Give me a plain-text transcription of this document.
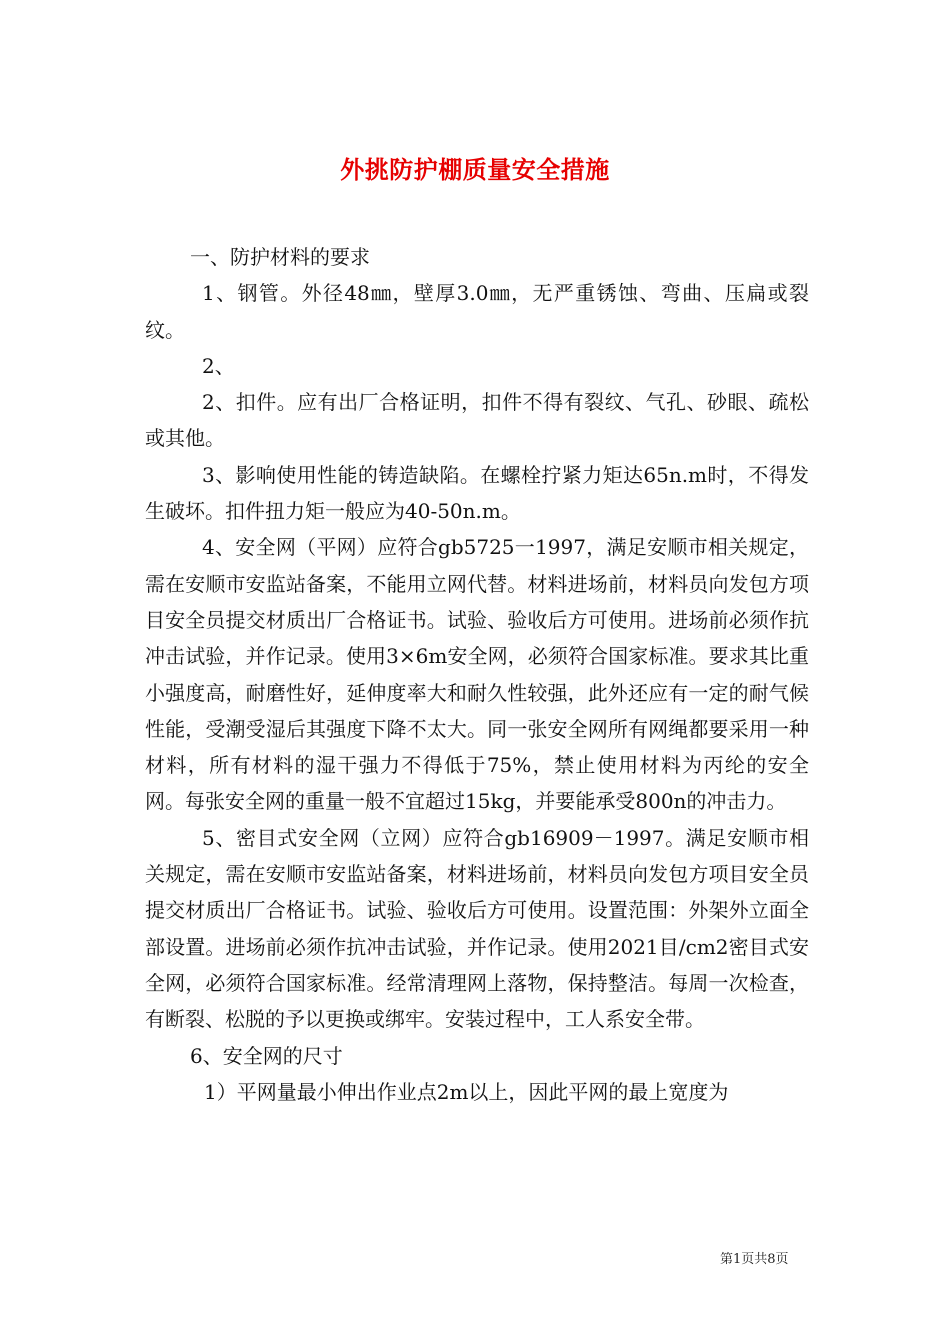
外挑防护棚质量安全措施

一、防护材料的要求

1、钢管。外径48㎜，壁厚3.0㎜，无严重锈蚀、弯曲、压扁或裂纹。

2、

2、扣件。应有出厂合格证明，扣件不得有裂纹、气孔、砂眼、疏松或其他。

3、影响使用性能的铸造缺陷。在螺栓拧紧力矩达65n.m时，不得发生破坏。扣件扭力矩一般应为40-50n.m。

4、安全网（平网）应符合gb5725一1997，满足安顺市相关规定，需在安顺市安监站备案，不能用立网代替。材料进场前，材料员向发包方项目安全员提交材质出厂合格证书。试验、验收后方可使用。进场前必须作抗冲击试验，并作记录。使用3×6m安全网，必须符合国家标准。要求其比重小强度高，耐磨性好，延伸度率大和耐久性较强，此外还应有一定的耐气候性能，受潮受湿后其强度下降不太大。同一张安全网所有网绳都要采用一种材料，所有材料的湿干强力不得低于75%，禁止使用材料为丙纶的安全网。每张安全网的重量一般不宜超过15kg，并要能承受800n的冲击力。

5、密目式安全网（立网）应符合gb16909－1997。满足安顺市相关规定，需在安顺市安监站备案，材料进场前，材料员向发包方项目安全员提交材质出厂合格证书。试验、验收后方可使用。设置范围：外架外立面全部设置。进场前必须作抗冲击试验，并作记录。使用2021目/cm2密目式安全网，必须符合国家标准。经常清理网上落物，保持整洁。每周一次检查，有断裂、松脱的予以更换或绑牢。安装过程中，工人系安全带。

6、安全网的尺寸

1）平网量最小伸出作业点2m以上，因此平网的最上宽度为

第1页共8页
